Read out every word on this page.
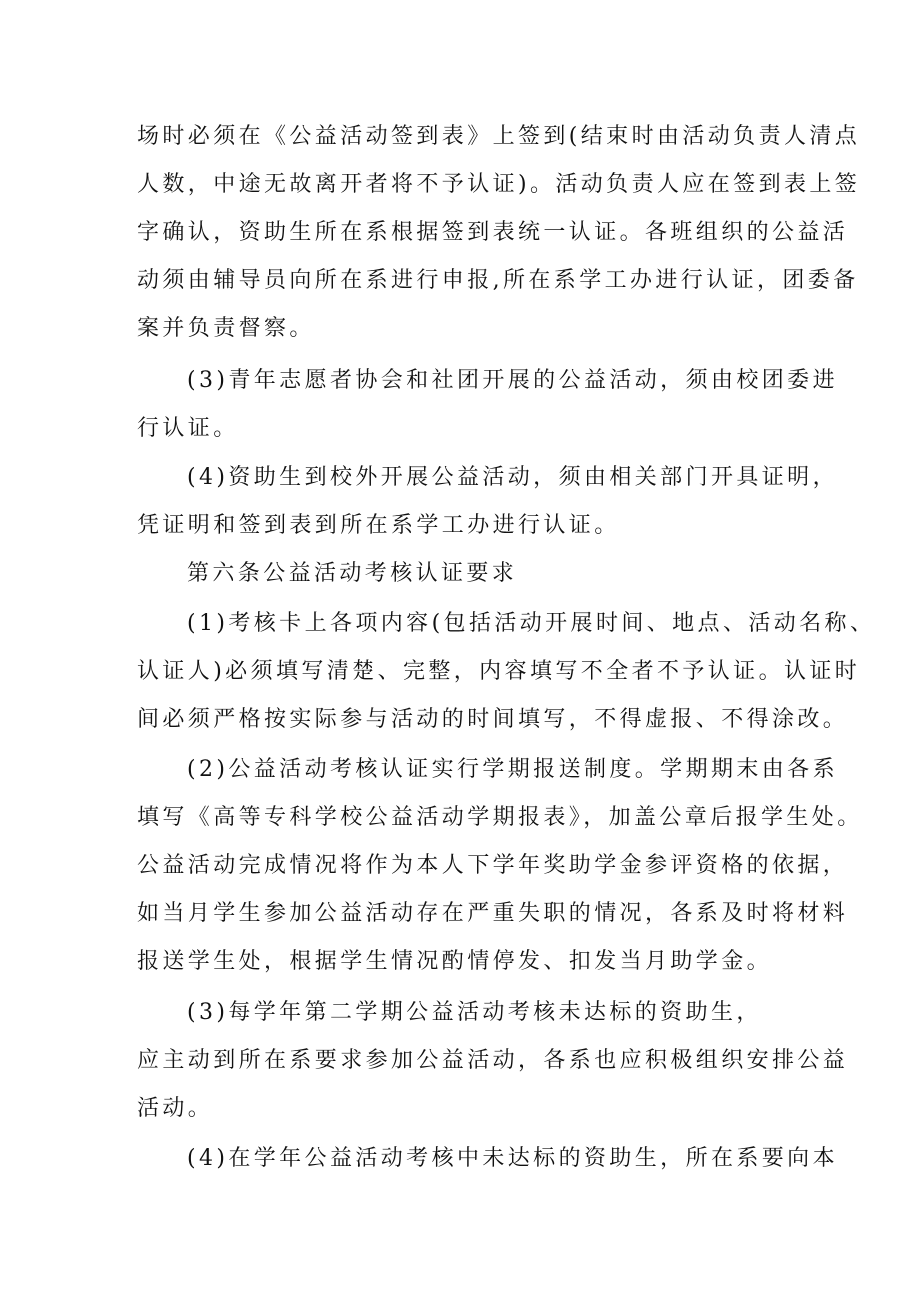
场时必须在《公益活动签到表》上签到(结束时由活动负责人清点
人数，中途无故离开者将不予认证)。活动负责人应在签到表上签
字确认，资助生所在系根据签到表统一认证。各班组织的公益活
动须由辅导员向所在系进行申报,所在系学工办进行认证，团委备
案并负责督察。
(3)青年志愿者协会和社团开展的公益活动，须由校团委进
行认证。
(4)资助生到校外开展公益活动，须由相关部门开具证明，
凭证明和签到表到所在系学工办进行认证。
第六条公益活动考核认证要求
(1)考核卡上各项内容(包括活动开展时间、地点、活动名称、
认证人)必须填写清楚、完整，内容填写不全者不予认证。认证时
间必须严格按实际参与活动的时间填写，不得虚报、不得涂改。
(2)公益活动考核认证实行学期报送制度。学期期末由各系
填写《高等专科学校公益活动学期报表》，加盖公章后报学生处。
公益活动完成情况将作为本人下学年奖助学金参评资格的依据，
如当月学生参加公益活动存在严重失职的情况，各系及时将材料
报送学生处，根据学生情况酌情停发、扣发当月助学金。
(3)每学年第二学期公益活动考核未达标的资助生，
应主动到所在系要求参加公益活动，各系也应积极组织安排公益
活动。
(4)在学年公益活动考核中未达标的资助生，所在系要向本
